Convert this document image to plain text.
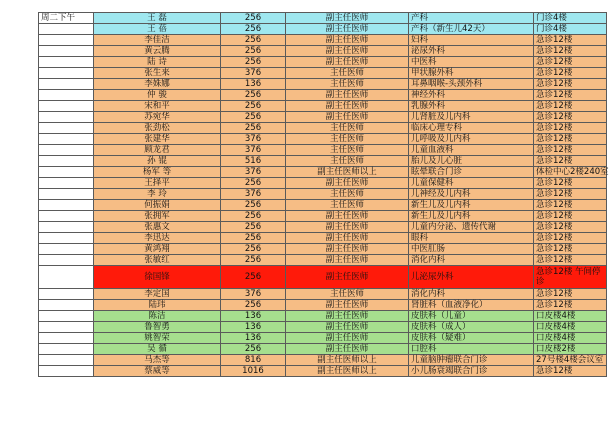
周二下午	王 磊	256	副主任医师	产科	门诊4楼
	王 蓓	256	副主任医师	产科（新生儿42天）	门诊4楼
	李佳洁	256	副主任医师	妇科	急诊12楼
	黄云腾	256	副主任医师	泌尿外科	急诊12楼
	陆 诗	256	副主任医师	中医科	急诊12楼
	张生来	376	主任医师	甲状腺外科	急诊12楼
	李姝娜	136	主任医师	耳鼻咽喉-头颈外科	急诊12楼
	仲 骏	256	副主任医师	神经外科	急诊12楼
	宋和平	256	副主任医师	乳腺外科	急诊12楼
	苏宛华	256	副主任医师	儿肾脏及儿内科	急诊12楼
	张劲松	256	主任医师	临床心理专科	急诊12楼
	张建华	376	主任医师	儿呼吸及儿内科	急诊12楼
	顾龙君	376	主任医师	儿童血液科	急诊12楼
	孙 锟	516	主任医师	胎儿及儿心脏	急诊12楼
	杨军 等	376	副主任医师以上	眩晕联合门诊	体检中心2楼240室
	王择平	256	副主任医师	儿童保健科	急诊12楼
	李 玲	376	主任医师	儿神经及儿内科	急诊12楼
	何振娟	256	主任医师	新生儿及儿内科	急诊12楼
	张拥军	256	副主任医师	新生儿及儿内科	急诊12楼
	张惠文	256	副主任医师	儿童内分泌、遗传代谢	急诊12楼
	李迅达	256	副主任医师	眼科	急诊12楼
	黄鸿翔	256	副主任医师	中医肛肠	急诊12楼
	张敏红	256	副主任医师	消化内科	急诊12楼
	徐国锋	256	副主任医师	儿泌尿外科	急诊12楼 午间停诊
	李定国	376	主任医师	消化内科	急诊12楼
	陆玮	256	副主任医师	肾脏科（血液净化）	急诊12楼
	陈洁	136	副主任医师	皮肤科（儿童）	口皮楼4楼
	鲁智勇	136	副主任医师	皮肤科（成人）	口皮楼4楼
	姚智荣	136	副主任医师	皮肤科（疑难）	口皮楼4楼
	吴 循	256	副主任医师	口腔科	口皮楼2楼
	马杰等	816	副主任医师以上	儿童脑肿瘤联合门诊	27号楼4楼会议室
	蔡威等	1016	副主任医师以上	小儿肠衰竭联合门诊	急诊12楼
